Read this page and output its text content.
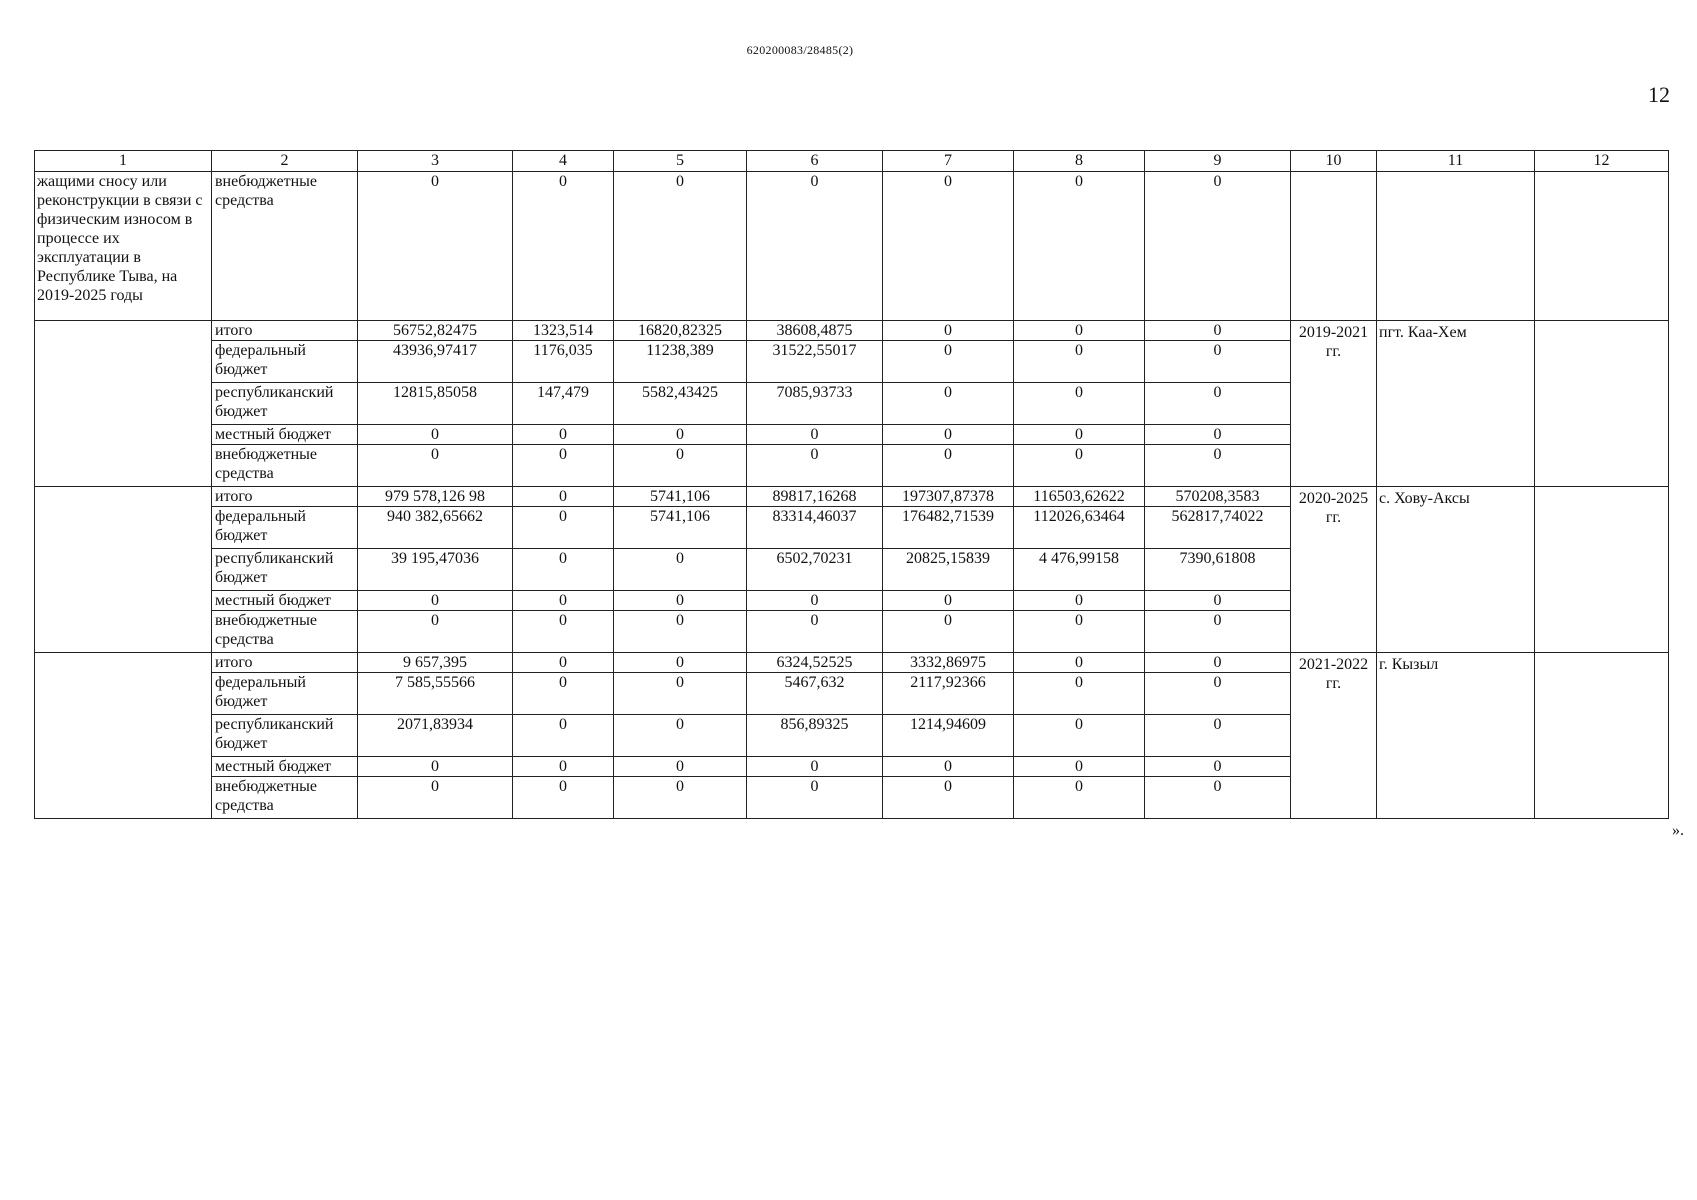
620200083/28485(2)
12
1	2	3	4	5	6	7	8	9	10	11	12
жащими сносу или реконструкции в связи с физическим износом в процессе их эксплуатации в Республике Тыва, на 2019-2025 годы	внебюджетные средства	0	0	0	0	0	0	0			
	итого	56752,82475	1323,514	16820,82325	38608,4875	0	0	0	2019-2021 гг.	пгт. Каа-Хем	
	федеральный бюджет	43936,97417	1176,035	11238,389	31522,55017	0	0	0			
	республиканский бюджет	12815,85058	147,479	5582,43425	7085,93733	0	0	0			
	местный бюджет	0	0	0	0	0	0	0			
	внебюджетные средства	0	0	0	0	0	0	0			
	итого	979 578,126 98	0	5741,106	89817,16268	197307,87378	116503,62622	570208,3583	2020-2025 гг.	с. Хову-Аксы	
	федеральный бюджет	940 382,65662	0	5741,106	83314,46037	176482,71539	112026,63464	562817,74022			
	республиканский бюджет	39 195,47036	0	0	6502,70231	20825,15839	4 476,99158	7390,61808			
	местный бюджет	0	0	0	0	0	0	0			
	внебюджетные средства	0	0	0	0	0	0	0			
	итого	9 657,395	0	0	6324,52525	3332,86975	0	0	2021-2022 гг.	г. Кызыл	
	федеральный бюджет	7 585,55566	0	0	5467,632	2117,92366	0	0			
	республиканский бюджет	2071,83934	0	0	856,89325	1214,94609	0	0			
	местный бюджет	0	0	0	0	0	0	0			
	внебюджетные средства	0	0	0	0	0	0	0			
».
